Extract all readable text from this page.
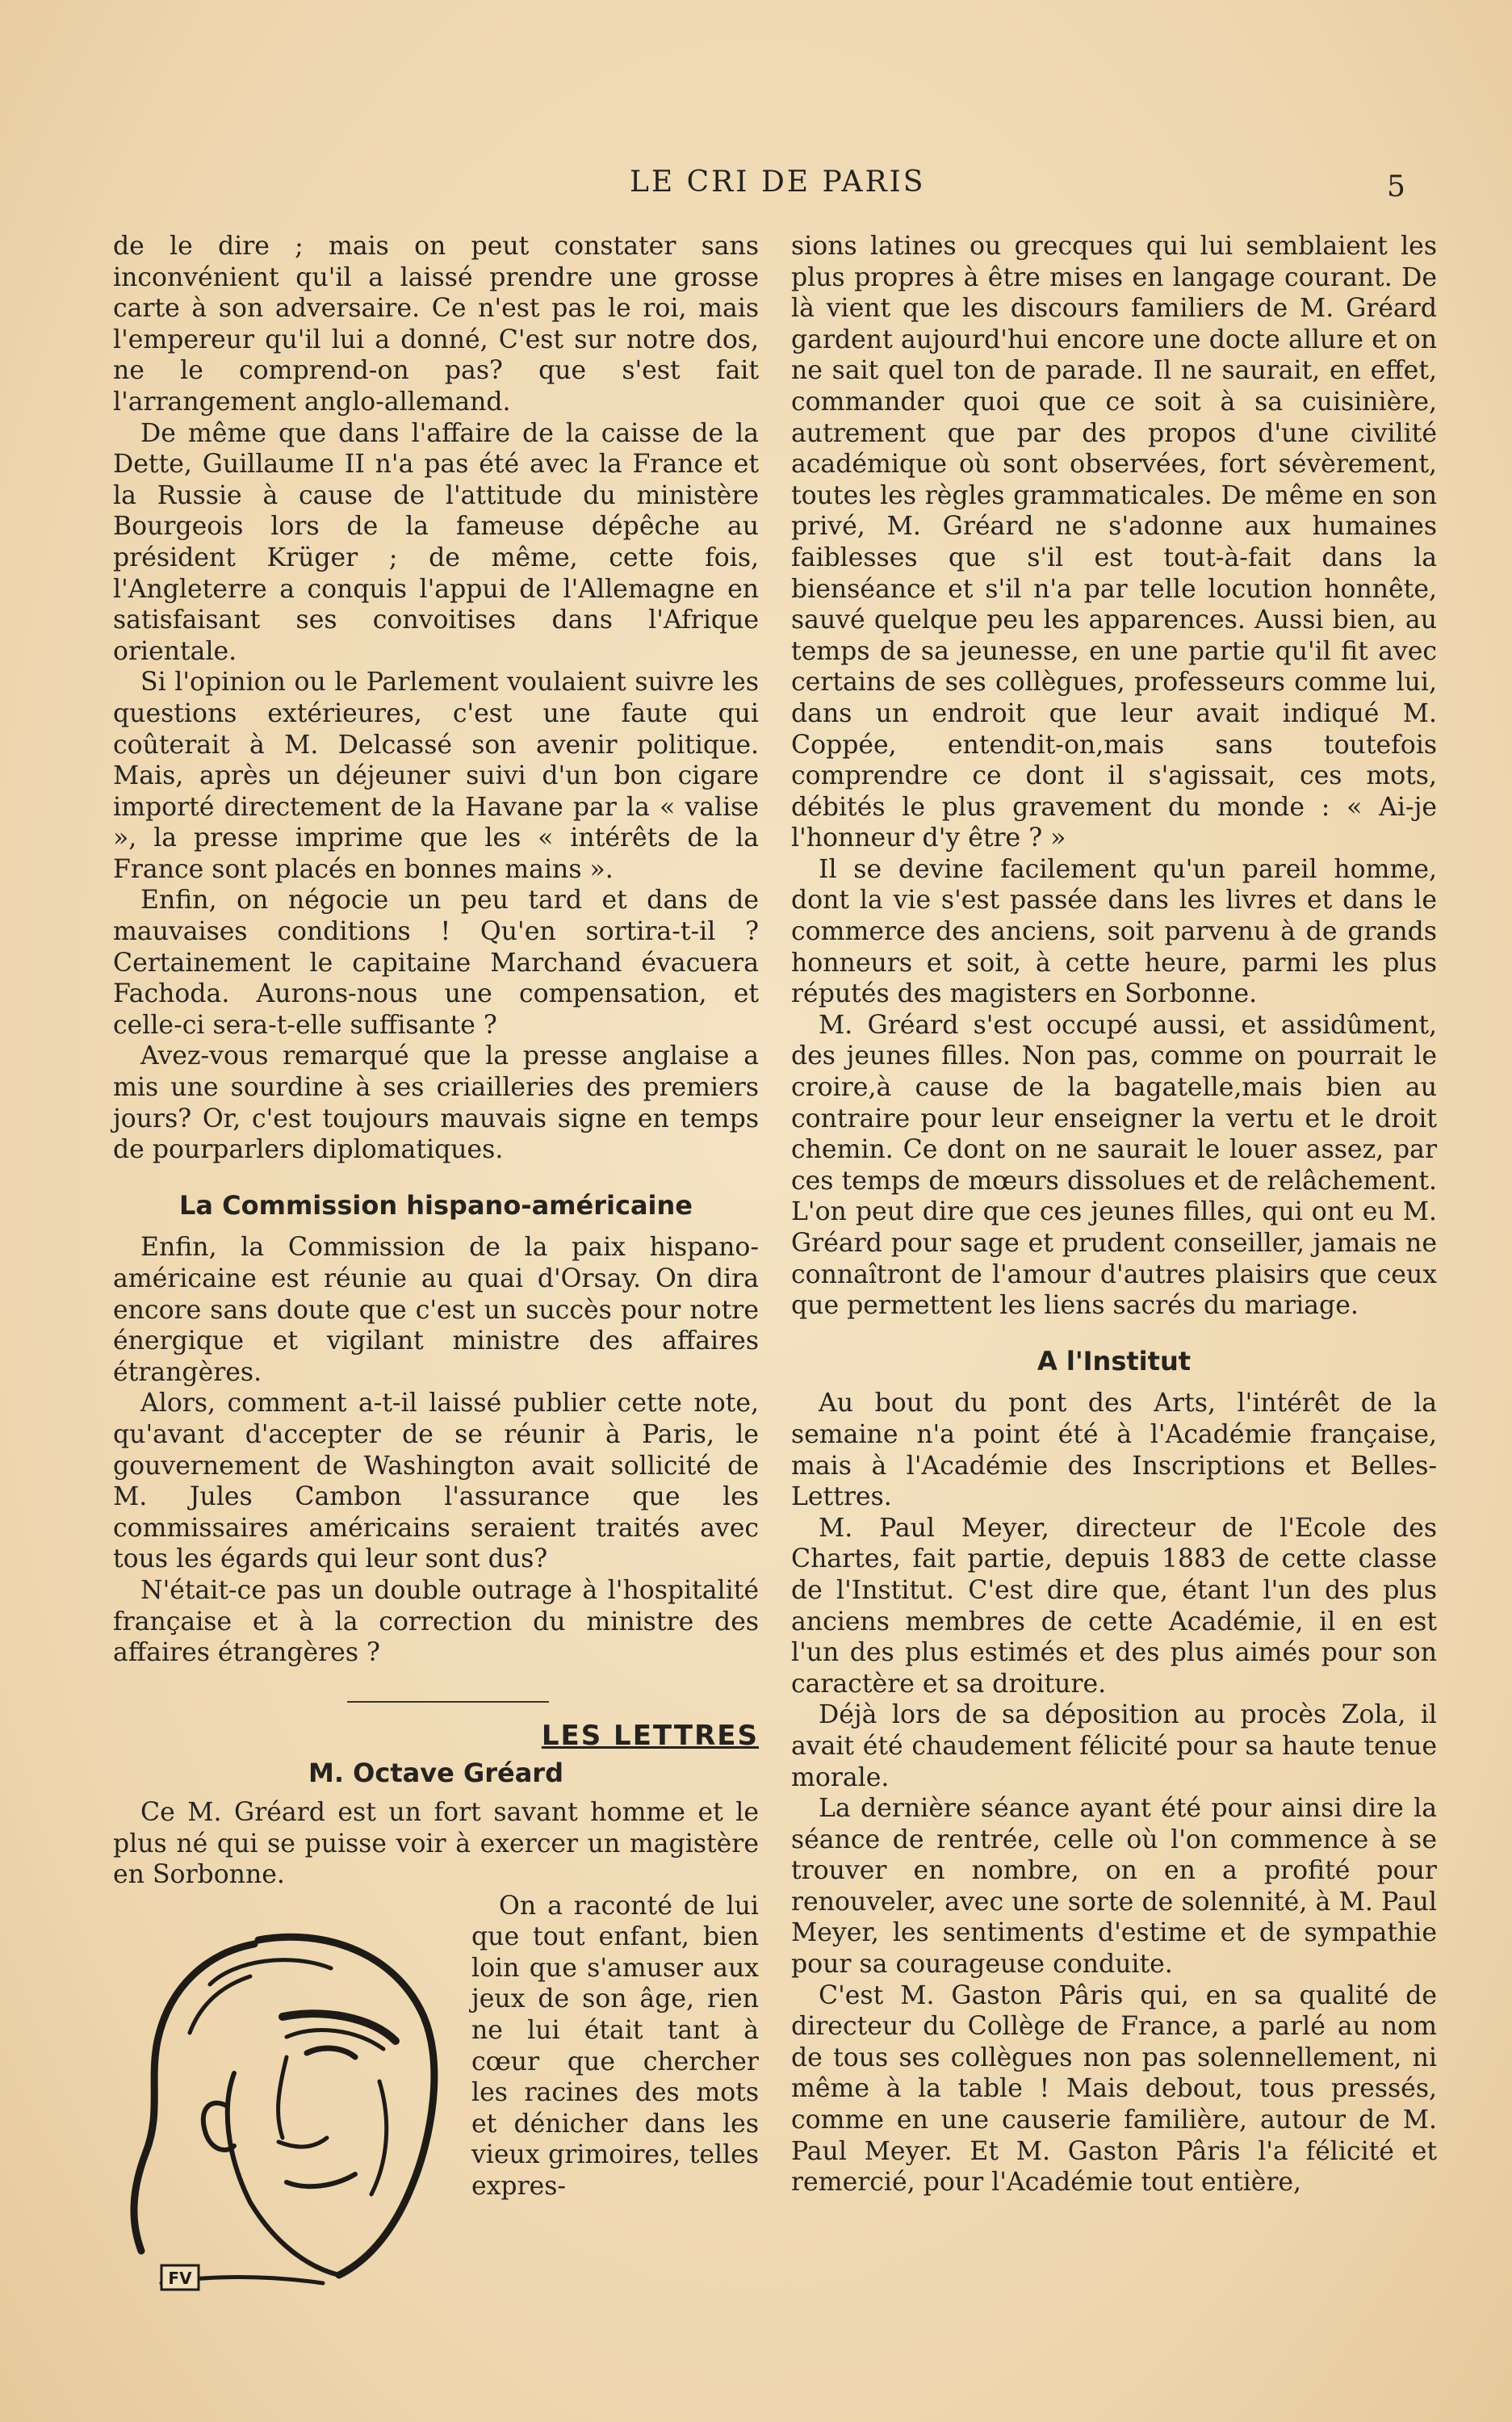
LE CRI DE PARIS	5

de le dire ; mais on peut constater sans inconvénient qu'il a laissé prendre une grosse carte à son adversaire. Ce n'est pas le roi, mais l'empereur qu'il lui a donné, C'est sur notre dos, ne le comprend-on pas? que s'est fait l'arrangement anglo-allemand.

De même que dans l'affaire de la caisse de la Dette, Guillaume II n'a pas été avec la France et la Russie à cause de l'attitude du ministère Bourgeois lors de la fameuse dépêche au président Krüger ; de même, cette fois, l'Angleterre a conquis l'appui de l'Allemagne en satisfaisant ses convoitises dans l'Afrique orientale.

Si l'opinion ou le Parlement voulaient suivre les questions extérieures, c'est une faute qui coûterait à M. Delcassé son avenir politique. Mais, après un déjeuner suivi d'un bon cigare importé directement de la Havane par la « valise », la presse imprime que les « intérêts de la France sont placés en bonnes mains ».

Enfin, on négocie un peu tard et dans de mauvaises conditions ! Qu'en sortira-t-il ? Certainement le capitaine Marchand évacuera Fachoda. Aurons-nous une compensation, et celle-ci sera-t-elle suffisante ?

Avez-vous remarqué que la presse anglaise a mis une sourdine à ses criailleries des premiers jours? Or, c'est toujours mauvais signe en temps de pourparlers diplomatiques.

La Commission hispano-américaine

Enfin, la Commission de la paix hispano-américaine est réunie au quai d'Orsay. On dira encore sans doute que c'est un succès pour notre énergique et vigilant ministre des affaires étrangères.

Alors, comment a-t-il laissé publier cette note, qu'avant d'accepter de se réunir à Paris, le gouvernement de Washington avait sollicité de M. Jules Cambon l'assurance que les commissaires américains seraient traités avec tous les égards qui leur sont dus?

N'était-ce pas un double outrage à l'hospitalité française et à la correction du ministre des affaires étrangères ?

LES LETTRES
M. Octave Gréard

Ce M. Gréard est un fort savant homme et le plus né qui se puisse voir à exercer un magistère en Sorbonne.

FV

On a raconté de lui que tout enfant, bien loin que s'amuser aux jeux de son âge, rien ne lui était tant à cœur que chercher les racines des mots et dénicher dans les vieux grimoires, telles expres-

sions latines ou grecques qui lui semblaient les plus propres à être mises en langage courant. De là vient que les discours familiers de M. Gréard gardent aujourd'hui encore une docte allure et on ne sait quel ton de parade. Il ne saurait, en effet, commander quoi que ce soit à sa cuisinière, autrement que par des propos d'une civilité académique où sont observées, fort sévèrement, toutes les règles grammaticales. De même en son privé, M. Gréard ne s'adonne aux humaines faiblesses que s'il est tout-à-fait dans la bienséance et s'il n'a par telle locution honnête, sauvé quelque peu les apparences. Aussi bien, au temps de sa jeunesse, en une partie qu'il fit avec certains de ses collègues, professeurs comme lui, dans un endroit que leur avait indiqué M. Coppée, entendit-on,mais sans toutefois comprendre ce dont il s'agissait, ces mots, débités le plus gravement du monde : « Ai-je l'honneur d'y être ? »

Il se devine facilement qu'un pareil homme, dont la vie s'est passée dans les livres et dans le commerce des anciens, soit parvenu à de grands honneurs et soit, à cette heure, parmi les plus réputés des magisters en Sorbonne.

M. Gréard s'est occupé aussi, et assidûment, des jeunes filles. Non pas, comme on pourrait le croire,à cause de la bagatelle,mais bien au contraire pour leur enseigner la vertu et le droit chemin. Ce dont on ne saurait le louer assez, par ces temps de mœurs dissolues et de relâchement. L'on peut dire que ces jeunes filles, qui ont eu M. Gréard pour sage et prudent conseiller, jamais ne connaîtront de l'amour d'autres plaisirs que ceux que permettent les liens sacrés du mariage.

A l'Institut

Au bout du pont des Arts, l'intérêt de la semaine n'a point été à l'Académie française, mais à l'Académie des Inscriptions et Belles-Lettres.

M. Paul Meyer, directeur de l'Ecole des Chartes, fait partie, depuis 1883 de cette classe de l'Institut. C'est dire que, étant l'un des plus anciens membres de cette Académie, il en est l'un des plus estimés et des plus aimés pour son caractère et sa droiture.

Déjà lors de sa déposition au procès Zola, il avait été chaudement félicité pour sa haute tenue morale.

La dernière séance ayant été pour ainsi dire la séance de rentrée, celle où l'on commence à se trouver en nombre, on en a profité pour renouveler, avec une sorte de solennité, à M. Paul Meyer, les sentiments d'estime et de sympathie pour sa courageuse conduite.

C'est M. Gaston Pâris qui, en sa qualité de directeur du Collège de France, a parlé au nom de tous ses collègues non pas solennellement, ni même à la table ! Mais debout, tous pressés, comme en une causerie familière, autour de M. Paul Meyer. Et M. Gaston Pâris l'a félicité et remercié, pour l'Académie tout entière,
